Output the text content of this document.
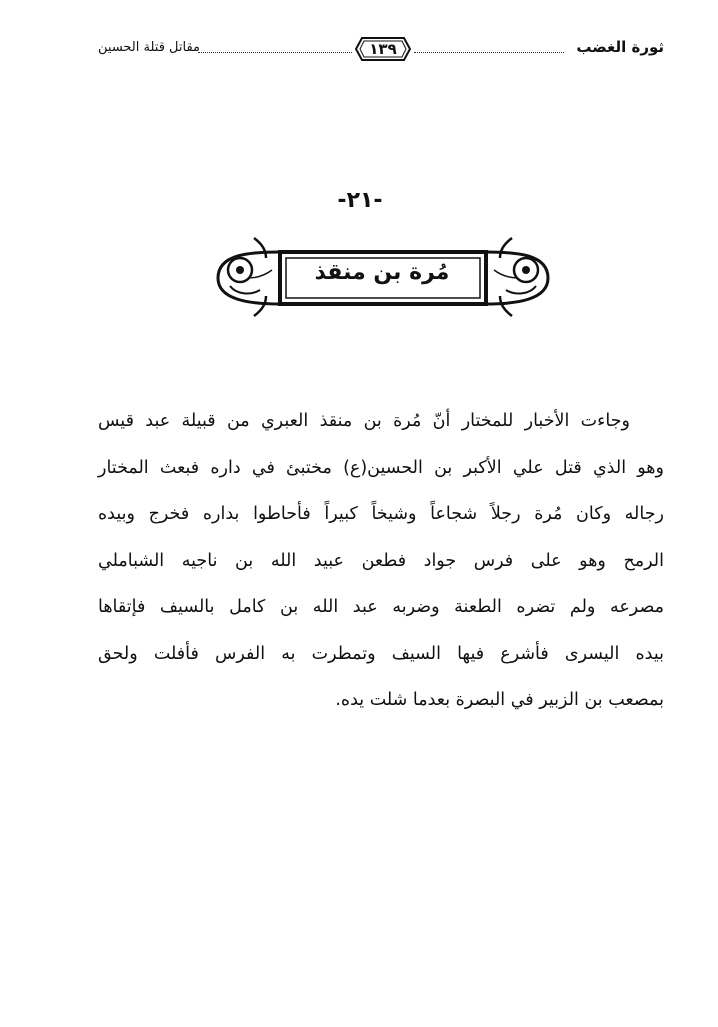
مقاتل قتلة الحسين	١٣٩	ثورة الغضب
-٢١-
مُرة بن منقذ
وجاءت الأخبار للمختار أنّ مُرة بن منقذ العبري من قبيلة عبد قيس
وهو الذي قتل علي الأكبر بن الحسين(ع) مختبئ في داره فبعث المختار
رجاله وكان مُرة رجلاً شجاعاً وشيخاً كبيراً فأحاطوا بداره فخرج وبيده
الرمح وهو على فرس جواد فطعن عبيد الله بن ناجيه الشباملي
مصرعه ولم تضره الطعنة وضربه عبد الله بن كامل بالسيف فإتقاها
بيده اليسرى فأشرع فيها السيف وتمطرت به الفرس فأفلت ولحق
بمصعب بن الزبير في البصرة بعدما شلت يده.
